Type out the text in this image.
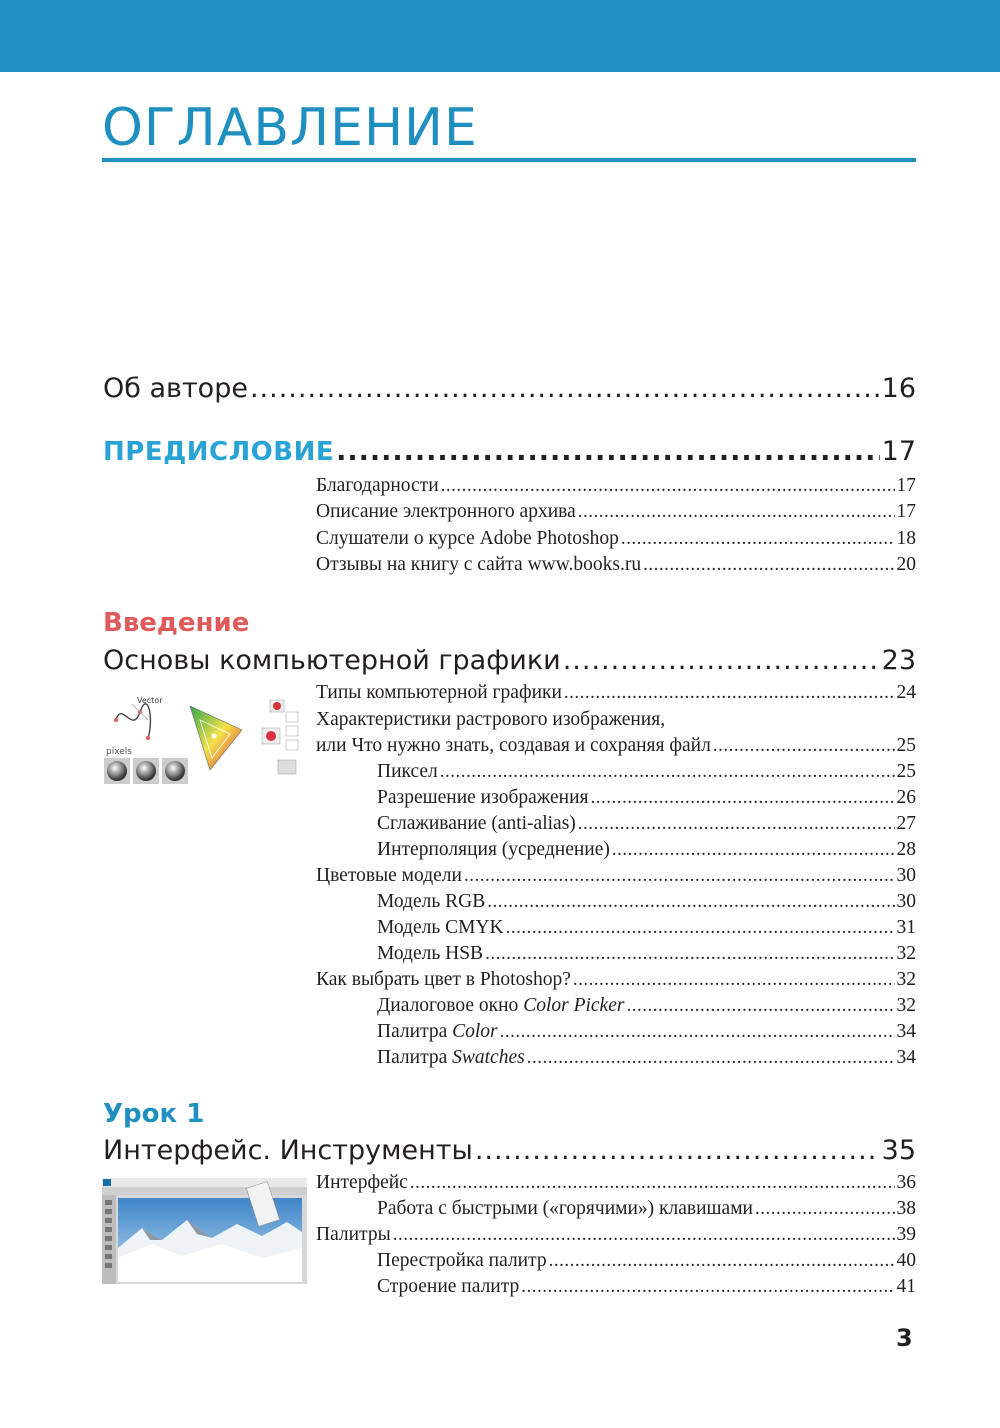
ОГЛАВЛЕНИЕ
Об авторе .....	16
ПРЕДИСЛОВИЕ .....	17
Благодарности .....	17
Описание электронного архива .....	17
Слушатели о курсе Adobe Photoshop .....	18
Отзывы на книгу с сайта www.books.ru .....	20
Введение
Основы компьютерной графики .....	23
Vector
pixels
Типы компьютерной графики .....	24
Характеристики растрового изображения,
или Что нужно знать, создавая и сохраняя файл .....	25
Пиксел .....	25
Разрешение изображения .....	26
Сглаживание (anti-alias) .....	27
Интерполяция (усреднение) .....	28
Цветовые модели .....	30
Модель RGB .....	30
Модель CMYK .....	31
Модель HSB .....	32
Как выбрать цвет в Photoshop? .....	32
Диалоговое окно Color Picker .....	32
Палитра Color .....	34
Палитра Swatches .....	34
Урок 1
Интерфейс. Инструменты .....	35
Интерфейс .....	36
Работа с быстрыми («горячими») клавишами .....	38
Палитры .....	39
Перестройка палитр .....	40
Строение палитр .....	41
3
